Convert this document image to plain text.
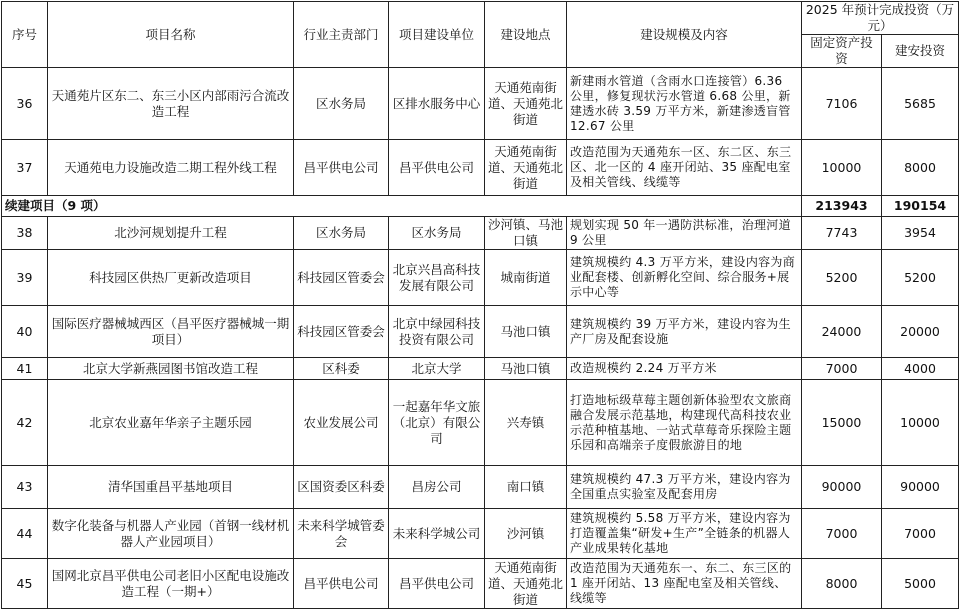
序号	项目名称	行业主责部门	项目建设单位	建设地点	建设规模及内容	2025 年预计完成投资（万元）	
						固定资产投资	建安投资
36	天通苑片区东二、东三小区内部雨污合流改造工程	区水务局	区排水服务中心	天通苑南街道、天通苑北街道	新建雨水管道（含雨水口连接管）6.36 公里，修复现状污水管道 6.68 公里，新建透水砖 3.59 万平方米，新建渗透盲管 12.67 公里	7106	5685
37	天通苑电力设施改造二期工程外线工程	昌平供电公司	昌平供电公司	天通苑南街道、天通苑北街道	改造范围为天通苑东一区、东二区、东三区、北一区的 4 座开闭站、35 座配电室及相关管线、线缆等	10000	8000
续建项目（9 项）						213943	190154
38	北沙河规划提升工程	区水务局	区水务局	沙河镇、马池口镇	规划实现 50 年一遇防洪标准，治理河道 9 公里	7743	3954
39	科技园区供热厂更新改造项目	科技园区管委会	北京兴昌高科技发展有限公司	城南街道	建筑规模约 4.3 万平方米，建设内容为商业配套楼、创新孵化空间、综合服务+展示中心等	5200	5200
40	国际医疗器械城西区（昌平医疗器械城一期项目）	科技园区管委会	北京中绿园科技投资有限公司	马池口镇	建筑规模约 39 万平方米，建设内容为生产厂房及配套设施	24000	20000
41	北京大学新燕园图书馆改造工程	区科委	北京大学	马池口镇	改造规模约 2.24 万平方米	7000	4000
42	北京农业嘉年华亲子主题乐园	农业发展公司	一起嘉年华文旅（北京）有限公司	兴寿镇	打造地标级草莓主题创新体验型农文旅商融合发展示范基地，构建现代高科技农业示范种植基地、一站式草莓奇乐探险主题乐园和高端亲子度假旅游目的地	15000	10000
43	清华国重昌平基地项目	区国资委区科委	昌房公司	南口镇	建筑规模约 47.3 万平方米，建设内容为全国重点实验室及配套用房	90000	90000
44	数字化装备与机器人产业园（首钢一线材机器人产业园项目）	未来科学城管委会	未来科学城公司	沙河镇	建筑规模约 5.58 万平方米，建设内容为打造覆盖集“研发+生产”全链条的机器人产业成果转化基地	7000	7000
45	国网北京昌平供电公司老旧小区配电设施改造工程（一期+）	昌平供电公司	昌平供电公司	天通苑南街道、天通苑北街道	改造范围为天通苑东一、东二、东三区的 1 座开闭站、13 座配电室及相关管线、线缆等	8000	5000
